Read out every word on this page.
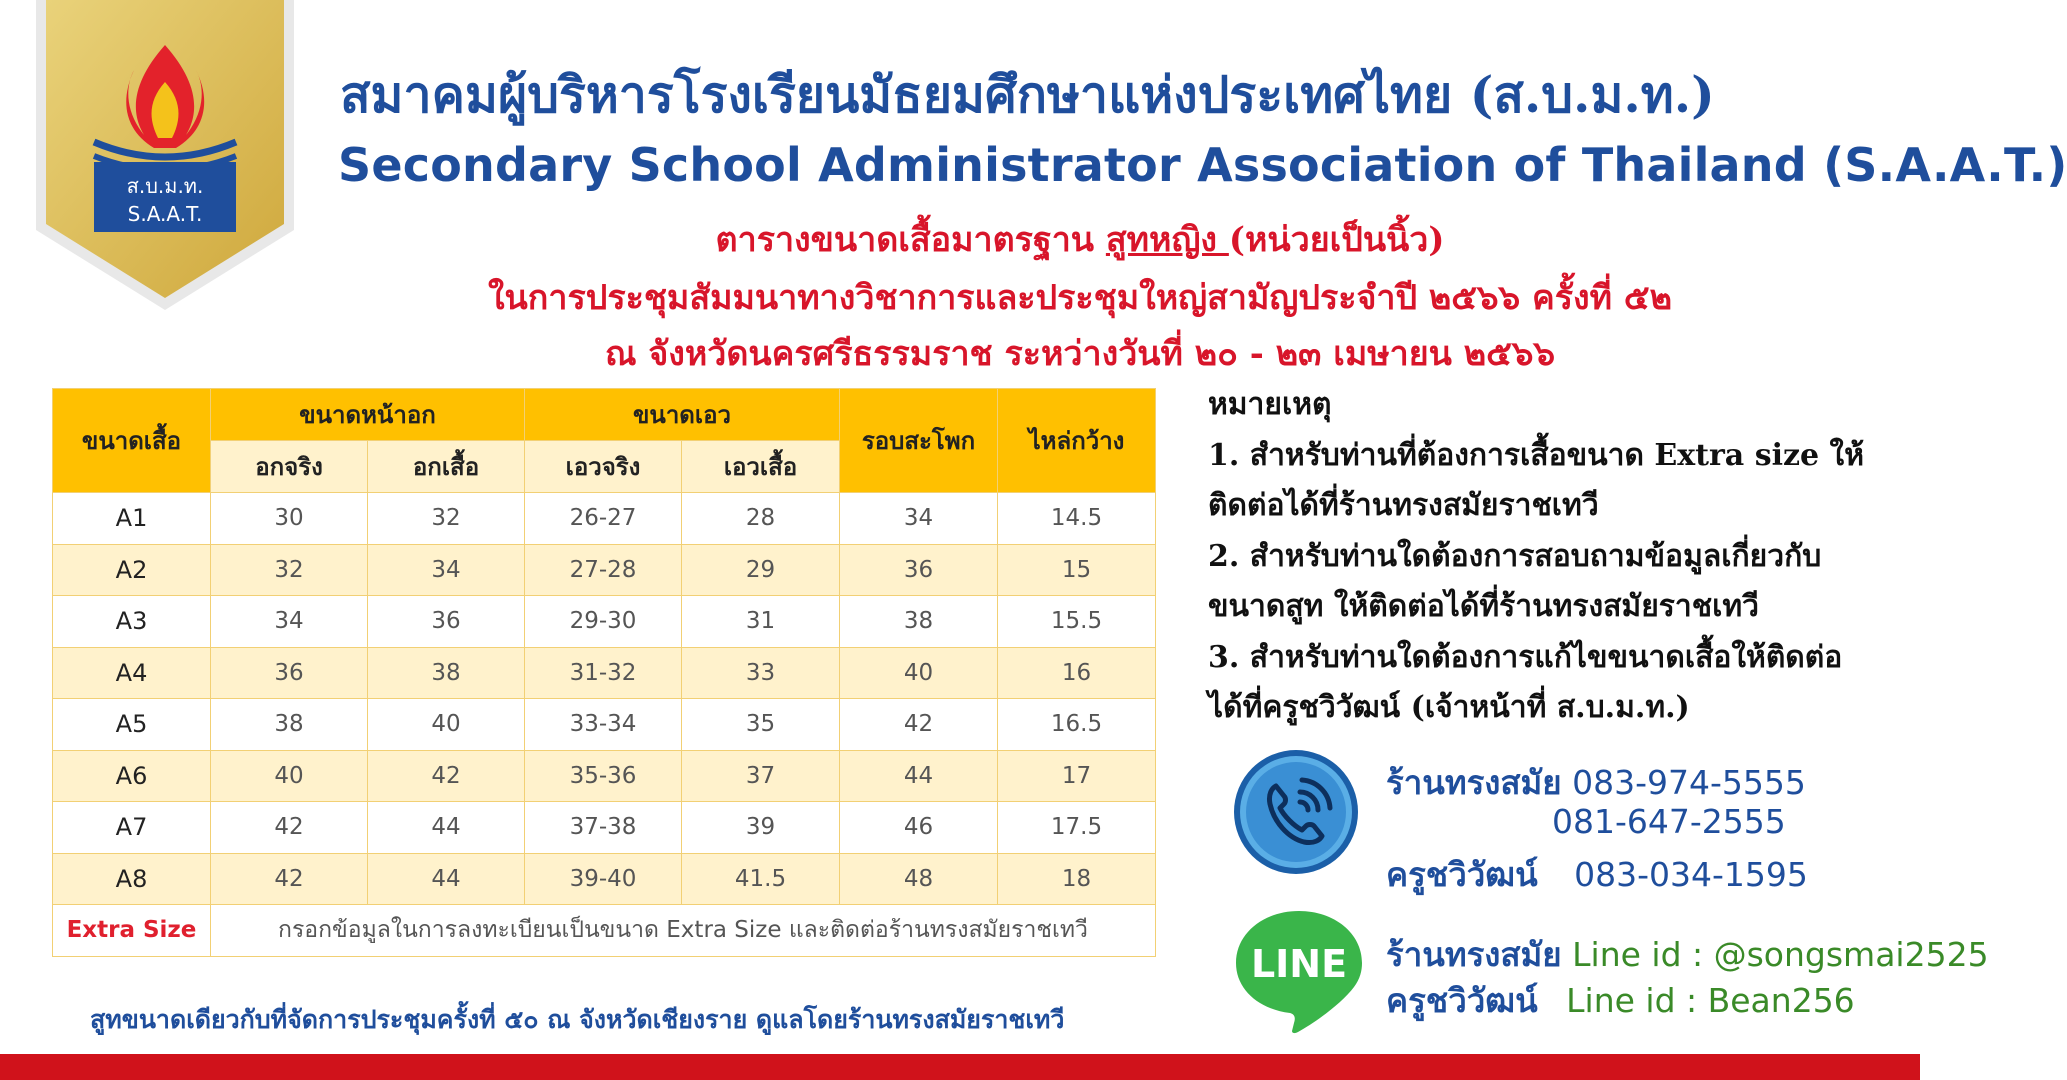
ส.บ.ม.ท.
S.A.A.T.
สมาคมผู้บริหารโรงเรียนมัธยมศึกษาแห่งประเทศไทย (ส.บ.ม.ท.)
Secondary School Administrator Association of Thailand (S.A.A.T.)
ตารางขนาดเสื้อมาตรฐาน สูทหญิง (หน่วยเป็นนิ้ว)
ในการประชุมสัมมนาทางวิชาการและประชุมใหญ่สามัญประจำปี ๒๕๖๖ ครั้งที่ ๕๒
ณ จังหวัดนครศรีธรรมราช ระหว่างวันที่ ๒๐ - ๒๓ เมษายน ๒๕๖๖
ขนาดเสื้อ	ขนาดหน้าอก		ขนาดเอว		รอบสะโพก	ไหล่กว้าง
	อกจริง	อกเสื้อ	เอวจริง	เอวเสื้อ		
A1	30	32	26-27	28	34	14.5
A2	32	34	27-28	29	36	15
A3	34	36	29-30	31	38	15.5
A4	36	38	31-32	33	40	16
A5	38	40	33-34	35	42	16.5
A6	40	42	35-36	37	44	17
A7	42	44	37-38	39	46	17.5
A8	42	44	39-40	41.5	48	18
Extra Size	กรอกข้อมูลในการลงทะเบียนเป็นขนาด Extra Size และติดต่อร้านทรงสมัยราชเทวี					
สูทขนาดเดียวกับที่จัดการประชุมครั้งที่ ๕๐ ณ จังหวัดเชียงราย ดูแลโดยร้านทรงสมัยราชเทวี
หมายเหตุ
1. สำหรับท่านที่ต้องการเสื้อขนาด Extra size ให้
ติดต่อได้ที่ร้านทรงสมัยราชเทวี
2. สำหรับท่านใดต้องการสอบถามข้อมูลเกี่ยวกับ
ขนาดสูท ให้ติดต่อได้ที่ร้านทรงสมัยราชเทวี
3. สำหรับท่านใดต้องการแก้ไขขนาดเสื้อให้ติดต่อ
ได้ที่ครูชวิวัฒน์ (เจ้าหน้าที่ ส.บ.ม.ท.)
ร้านทรงสมัย 083-974-5555
081-647-2555
ครูชวิวัฒน์ 083-034-1595
LINE ร้านทรงสมัย Line id : @songsmai2525
ครูชวิวัฒน์ Line id : Bean256
